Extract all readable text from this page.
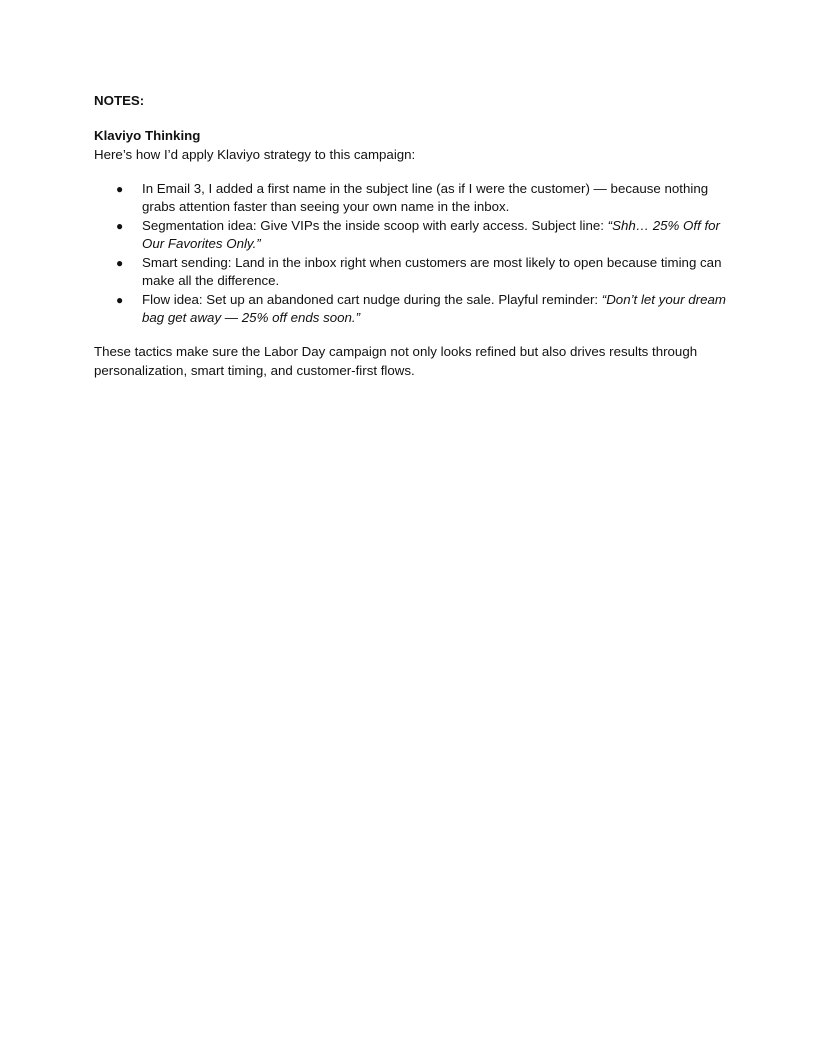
NOTES:

Klaviyo Thinking

Here’s how I’d apply Klaviyo strategy to this campaign:

● In Email 3, I added a first name in the subject line (as if I were the customer) — because nothing grabs attention faster than seeing your own name in the inbox.
● Segmentation idea: Give VIPs the inside scoop with early access. Subject line: “Shh… 25% Off for Our Favorites Only.”
● Smart sending: Land in the inbox right when customers are most likely to open because timing can make all the difference.
● Flow idea: Set up an abandoned cart nudge during the sale. Playful reminder: “Don’t let your dream bag get away — 25% off ends soon.”

These tactics make sure the Labor Day campaign not only looks refined but also drives results through personalization, smart timing, and customer-first flows.
